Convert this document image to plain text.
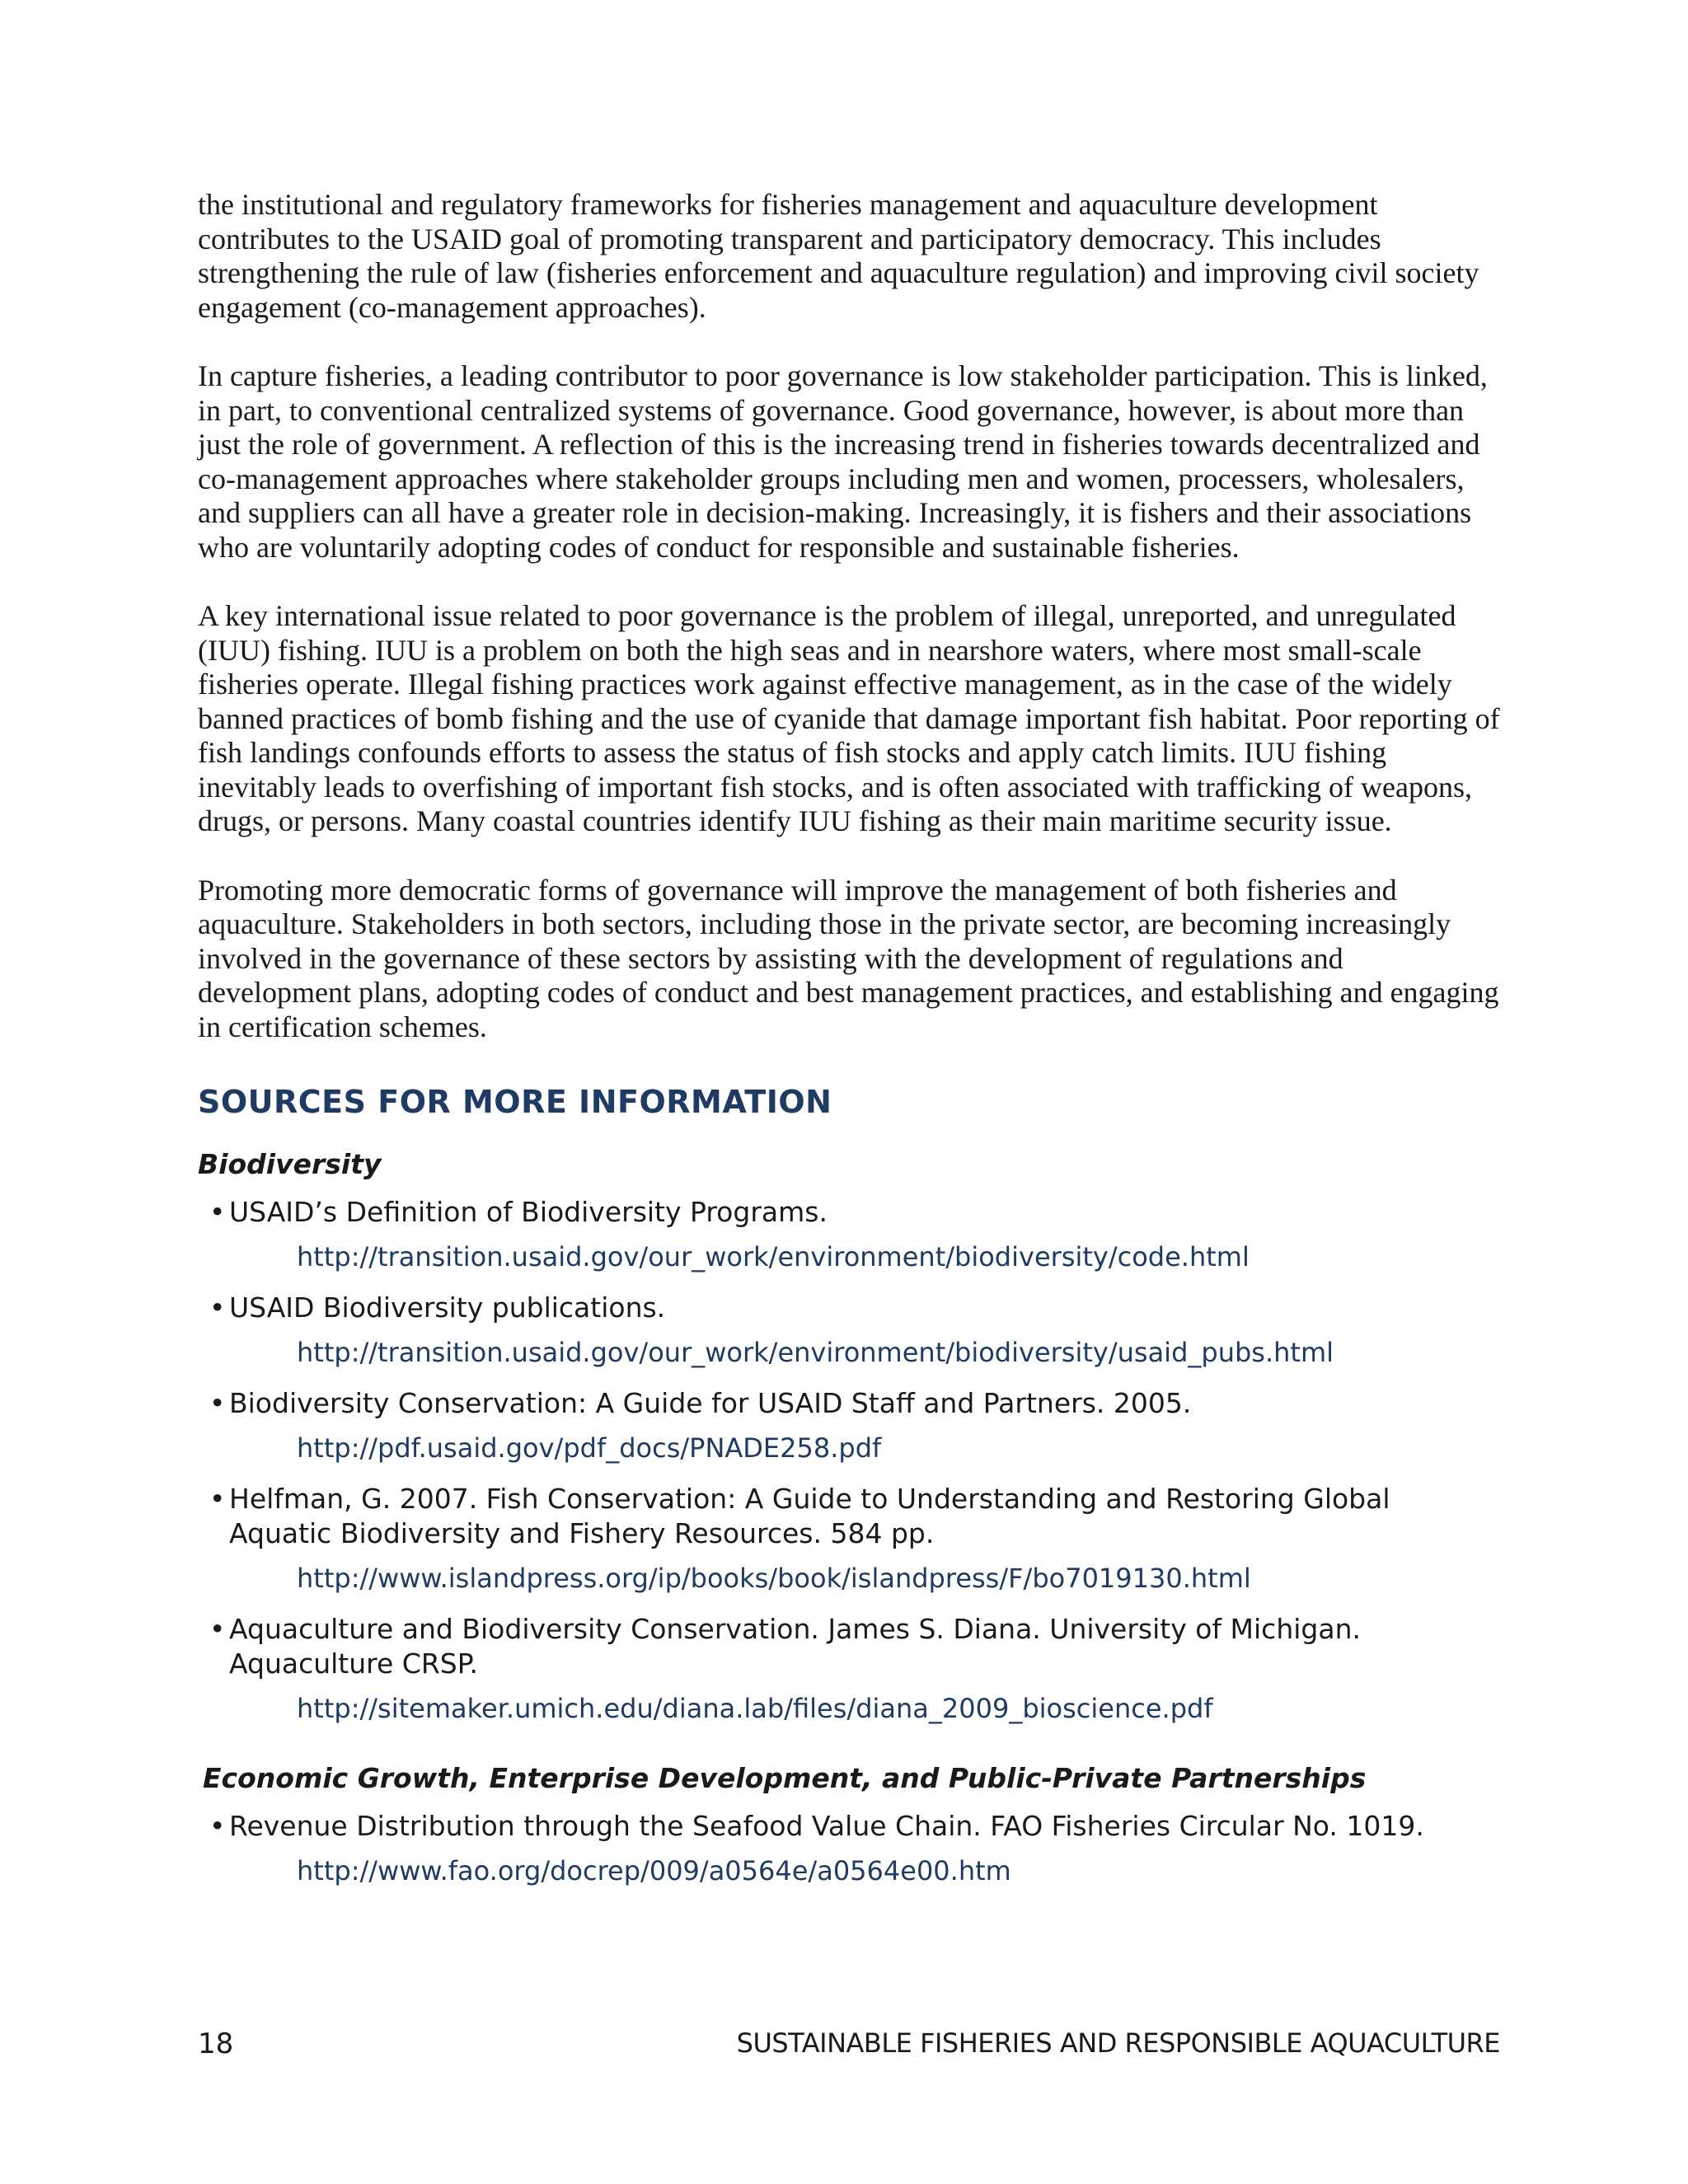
the institutional and regulatory frameworks for fisheries management and aquaculture development contributes to the USAID goal of promoting transparent and participatory democracy. This includes strengthening the rule of law (fisheries enforcement and aquaculture regulation) and improving civil society engagement (co-management approaches).

In capture fisheries, a leading contributor to poor governance is low stakeholder participation. This is linked, in part, to conventional centralized systems of governance. Good governance, however, is about more than just the role of government. A reflection of this is the increasing trend in fisheries towards decentralized and co-management approaches where stakeholder groups including men and women, processers, wholesalers, and suppliers can all have a greater role in decision-making. Increasingly, it is fishers and their associations who are voluntarily adopting codes of conduct for responsible and sustainable fisheries.

A key international issue related to poor governance is the problem of illegal, unreported, and unregulated (IUU) fishing. IUU is a problem on both the high seas and in nearshore waters, where most small-scale fisheries operate. Illegal fishing practices work against effective management, as in the case of the widely banned practices of bomb fishing and the use of cyanide that damage important fish habitat. Poor reporting of fish landings confounds efforts to assess the status of fish stocks and apply catch limits. IUU fishing inevitably leads to overfishing of important fish stocks, and is often associated with trafficking of weapons, drugs, or persons. Many coastal countries identify IUU fishing as their main maritime security issue.

Promoting more democratic forms of governance will improve the management of both fisheries and aquaculture. Stakeholders in both sectors, including those in the private sector, are becoming increasingly involved in the governance of these sectors by assisting with the development of regulations and development plans, adopting codes of conduct and best management practices, and establishing and engaging in certification schemes.

SOURCES FOR MORE INFORMATION
Biodiversity
• USAID’s Definition of Biodiversity Programs.
http://transition.usaid.gov/our_work/environment/biodiversity/code.html
• USAID Biodiversity publications.
http://transition.usaid.gov/our_work/environment/biodiversity/usaid_pubs.html
• Biodiversity Conservation: A Guide for USAID Staff and Partners. 2005.
http://pdf.usaid.gov/pdf_docs/PNADE258.pdf
• Helfman, G. 2007. Fish Conservation: A Guide to Understanding and Restoring Global Aquatic Biodiversity and Fishery Resources. 584 pp.
http://www.islandpress.org/ip/books/book/islandpress/F/bo7019130.html
• Aquaculture and Biodiversity Conservation. James S. Diana. University of Michigan. Aquaculture CRSP.
http://sitemaker.umich.edu/diana.lab/files/diana_2009_bioscience.pdf
Economic Growth, Enterprise Development, and Public-Private Partnerships
• Revenue Distribution through the Seafood Value Chain. FAO Fisheries Circular No. 1019.
http://www.fao.org/docrep/009/a0564e/a0564e00.htm
18	SUSTAINABLE FISHERIES AND RESPONSIBLE AQUACULTURE
